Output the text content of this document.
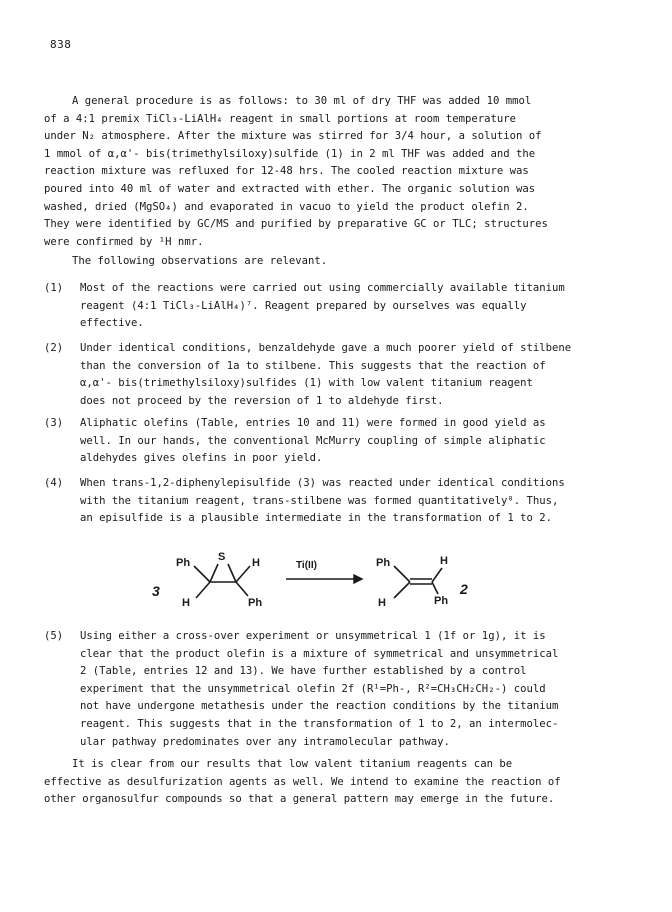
838

A general procedure is as follows: to 30 ml of dry THF was added 10 mmol

of a 4:1 premix TiCl₃-LiAlH₄ reagent in small portions at room temperature

under N₂ atmosphere. After the mixture was stirred for 3/4 hour, a solution of

1 mmol of α,α'- bis(trimethylsiloxy)sulfide (1) in 2 ml THF was added and the

reaction mixture was refluxed for 12-48 hrs. The cooled reaction mixture was

poured into 40 ml of water and extracted with ether. The organic solution was

washed, dried (MgSO₄) and evaporated in vacuo to yield the product olefin 2.

They were identified by GC/MS and purified by preparative GC or TLC; structures

were confirmed by ¹H nmr.

The following observations are relevant.
(1)	Most of the reactions were carried out using commercially available titanium
reagent (4:1 TiCl₃-LiAlH₄)⁷. Reagent prepared by ourselves was equally
effective.
(2)	Under identical conditions, benzaldehyde gave a much poorer yield of stilbene
than the conversion of 1a to stilbene. This suggests that the reaction of
α,α'- bis(trimethylsiloxy)sulfides (1) with low valent titanium reagent
does not proceed by the reversion of 1 to aldehyde first.
(3)	Aliphatic olefins (Table, entries 10 and 11) were formed in good yield as
well. In our hands, the conventional McMurry coupling of simple aliphatic
aldehydes gives olefins in poor yield.
(4)	When trans-1,2-diphenylepisulfide (3) was reacted under identical conditions
with the titanium reagent, trans-stilbene was formed quantitatively⁸. Thus,
an episulfide is a plausible intermediate in the transformation of 1 to 2.
3
Ph	S H
H	Ph
Ti(II)	Ph	H
H	Ph
2
(5)	Using either a cross-over experiment or unsymmetrical 1 (1f or 1g), it is
clear that the product olefin is a mixture of symmetrical and unsymmetrical
2 (Table, entries 12 and 13). We have further established by a control
experiment that the unsymmetrical olefin 2f (R¹=Ph-, R²=CH₃CH₂CH₂-) could
not have undergone metathesis under the reaction conditions by the titanium
reagent. This suggests that in the transformation of 1 to 2, an intermolec-
ular pathway predominates over any intramolecular pathway.

It is clear from our results that low valent titanium reagents can be

effective as desulfurization agents as well. We intend to examine the reaction of

other organosulfur compounds so that a general pattern may emerge in the future.
